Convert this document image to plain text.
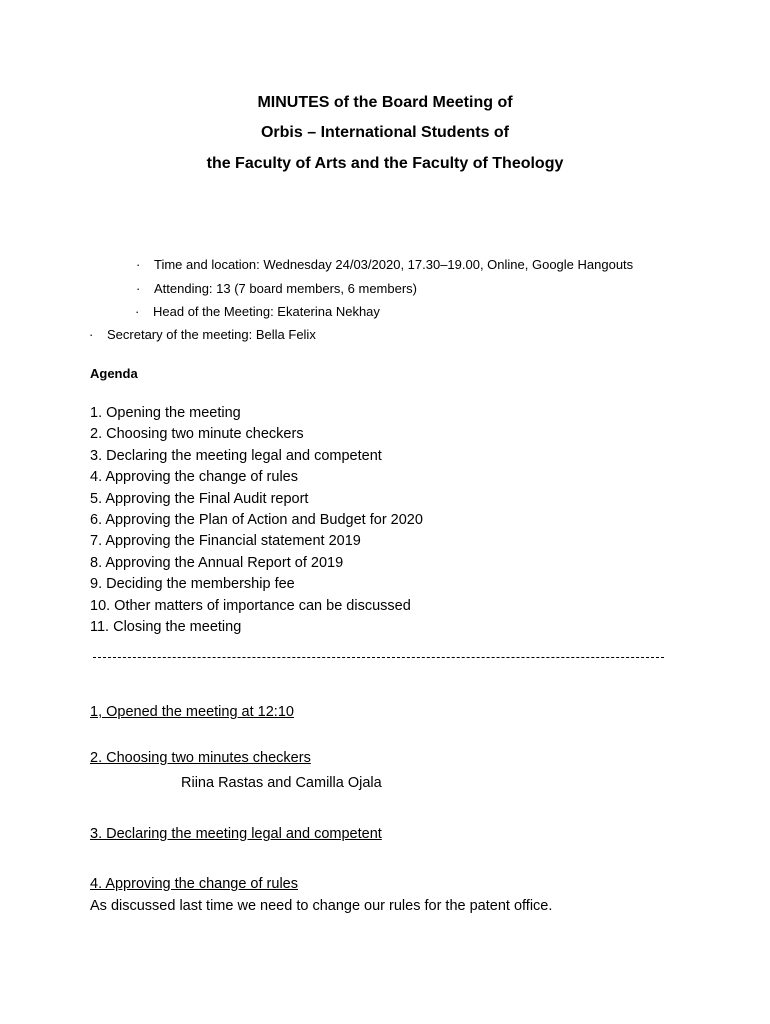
MINUTES of the Board Meeting of
Orbis – International Students of
the Faculty of Arts and the Faculty of Theology
· Time and location: Wednesday 24/03/2020, 17.30–19.00, Online, Google Hangouts
· Attending: 13 (7 board members, 6 members)
· Head of the Meeting: Ekaterina Nekhay
· Secretary of the meeting: Bella Felix
Agenda
1. Opening the meeting
2. Choosing two minute checkers
3. Declaring the meeting legal and competent
4. Approving the change of rules
5. Approving the Final Audit report
6. Approving the Plan of Action and Budget for 2020
7. Approving the Financial statement 2019
8. Approving the Annual Report of 2019
9. Deciding the membership fee
10. Other matters of importance can be discussed
11. Closing the meeting
1, Opened the meeting at 12:10
2. Choosing two minutes checkers
Riina Rastas and Camilla Ojala
3. Declaring the meeting legal and competent
4. Approving the change of rules
As discussed last time we need to change our rules for the patent office.
